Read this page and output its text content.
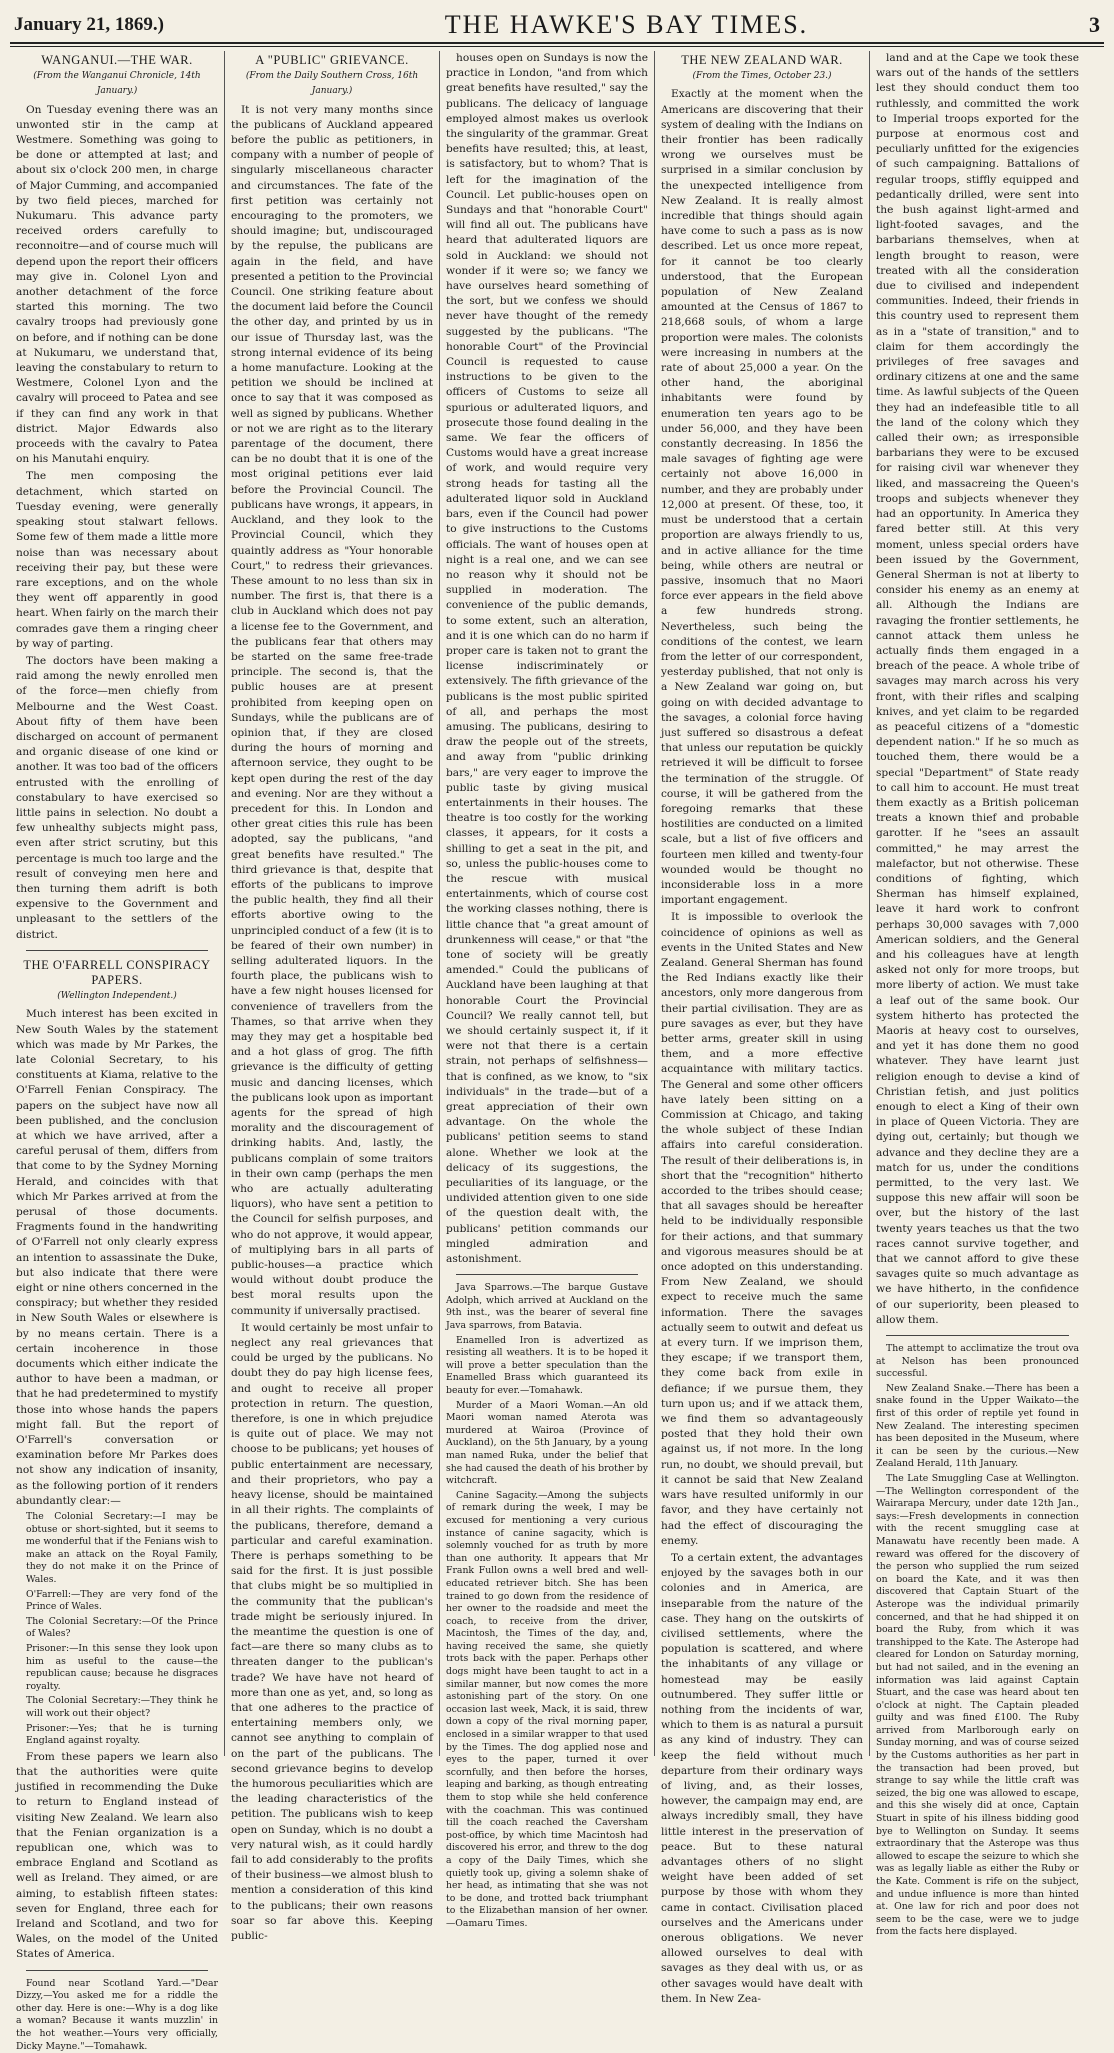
January 21, 1869.)	THE HAWKE'S BAY TIMES.	3
WANGANUI.—THE WAR.
(From the Wanganui Chronicle, 14th January.)

On Tuesday evening there was an unwonted stir in the camp at Westmere. Something was going to be done or attempted at last; and about six o'clock 200 men, in charge of Major Cumming, and accompanied by two field pieces, marched for Nukumaru. This advance party received orders carefully to reconnoitre—and of course much will depend upon the report their officers may give in. Colonel Lyon and another detachment of the force started this morning. The two cavalry troops had previously gone on before, and if nothing can be done at Nukumaru, we understand that, leaving the constabulary to return to Westmere, Colonel Lyon and the cavalry will proceed to Patea and see if they can find any work in that district. Major Edwards also proceeds with the cavalry to Patea on his Manutahi enquiry.

The men composing the detachment, which started on Tuesday evening, were generally speaking stout stalwart fellows. Some few of them made a little more noise than was necessary about receiving their pay, but these were rare exceptions, and on the whole they went off apparently in good heart. When fairly on the march their comrades gave them a ringing cheer by way of parting.

The doctors have been making a raid among the newly enrolled men of the force—men chiefly from Melbourne and the West Coast. About fifty of them have been discharged on account of permanent and organic disease of one kind or another. It was too bad of the officers entrusted with the enrolling of constabulary to have exercised so little pains in selection. No doubt a few unhealthy subjects might pass, even after strict scrutiny, but this percentage is much too large and the result of conveying men here and then turning them adrift is both expensive to the Government and unpleasant to the settlers of the district.

THE O'FARRELL CONSPIRACY PAPERS.
(Wellington Independent.)

Much interest has been excited in New South Wales by the statement which was made by Mr Parkes, the late Colonial Secretary, to his constituents at Kiama, relative to the O'Farrell Fenian Conspiracy. The papers on the subject have now all been published, and the conclusion at which we have arrived, after a careful perusal of them, differs from that come to by the Sydney Morning Herald, and coincides with that which Mr Parkes arrived at from the perusal of those documents. Fragments found in the handwriting of O'Farrell not only clearly express an intention to assassinate the Duke, but also indicate that there were eight or nine others concerned in the conspiracy; but whether they resided in New South Wales or elsewhere is by no means certain. There is a certain incoherence in those documents which either indicate the author to have been a madman, or that he had predetermined to mystify those into whose hands the papers might fall. But the report of O'Farrell's conversation or examination before Mr Parkes does not show any indication of insanity, as the following portion of it renders abundantly clear:—

The Colonial Secretary:—I may be obtuse or short-sighted, but it seems to me wonderful that if the Fenians wish to make an attack on the Royal Family, they do not make it on the Prince of Wales.

O'Farrell:—They are very fond of the Prince of Wales.

The Colonial Secretary:—Of the Prince of Wales?

Prisoner:—In this sense they look upon him as useful to the cause—the republican cause; because he disgraces royalty.

The Colonial Secretary:—They think he will work out their object?

Prisoner:—Yes; that he is turning England against royalty.

From these papers we learn also that the authorities were quite justified in recommending the Duke to return to England instead of visiting New Zealand. We learn also that the Fenian organization is a republican one, which was to embrace England and Scotland as well as Ireland. They aimed, or are aiming, to establish fifteen states: seven for England, three each for Ireland and Scotland, and two for Wales, on the model of the United States of America.

Found near Scotland Yard.—"Dear Dizzy,—You asked me for a riddle the other day. Here is one:—Why is a dog like a woman? Because it wants muzzlin' in the hot weather.—Yours very officially, Dicky Mayne."—Tomahawk.

A "PUBLIC" GRIEVANCE.
(From the Daily Southern Cross, 16th January.)

It is not very many months since the publicans of Auckland appeared before the public as petitioners, in company with a number of people of singularly miscellaneous character and circumstances. The fate of the first petition was certainly not encouraging to the promoters, we should imagine; but, undiscouraged by the repulse, the publicans are again in the field, and have presented a petition to the Provincial Council. One striking feature about the document laid before the Council the other day, and printed by us in our issue of Thursday last, was the strong internal evidence of its being a home manufacture. Looking at the petition we should be inclined at once to say that it was composed as well as signed by publicans. Whether or not we are right as to the literary parentage of the document, there can be no doubt that it is one of the most original petitions ever laid before the Provincial Council. The publicans have wrongs, it appears, in Auckland, and they look to the Provincial Council, which they quaintly address as "Your honorable Court," to redress their grievances. These amount to no less than six in number. The first is, that there is a club in Auckland which does not pay a license fee to the Government, and the publicans fear that others may be started on the same free-trade principle. The second is, that the public houses are at present prohibited from keeping open on Sundays, while the publicans are of opinion that, if they are closed during the hours of morning and afternoon service, they ought to be kept open during the rest of the day and evening. Nor are they without a precedent for this. In London and other great cities this rule has been adopted, say the publicans, "and great benefits have resulted." The third grievance is that, despite that efforts of the publicans to improve the public health, they find all their efforts abortive owing to the unprincipled conduct of a few (it is to be feared of their own number) in selling adulterated liquors. In the fourth place, the publicans wish to have a few night houses licensed for convenience of travellers from the Thames, so that arrive when they may they may get a hospitable bed and a hot glass of grog. The fifth grievance is the difficulty of getting music and dancing licenses, which the publicans look upon as important agents for the spread of high morality and the discouragement of drinking habits. And, lastly, the publicans complain of some traitors in their own camp (perhaps the men who are actually adulterating liquors), who have sent a petition to the Council for selfish purposes, and who do not approve, it would appear, of multiplying bars in all parts of public-houses—a practice which would without doubt produce the best moral results upon the community if universally practised.

It would certainly be most unfair to neglect any real grievances that could be urged by the publicans. No doubt they do pay high license fees, and ought to receive all proper protection in return. The question, therefore, is one in which prejudice is quite out of place. We may not choose to be publicans; yet houses of public entertainment are necessary, and their proprietors, who pay a heavy license, should be maintained in all their rights. The complaints of the publicans, therefore, demand a particular and careful examination. There is perhaps something to be said for the first. It is just possible that clubs might be so multiplied in the community that the publican's trade might be seriously injured. In the meantime the question is one of fact—are there so many clubs as to threaten danger to the publican's trade? We have have not heard of more than one as yet, and, so long as that one adheres to the practice of entertaining members only, we cannot see anything to complain of on the part of the publicans. The second grievance begins to develop the humorous peculiarities which are the leading characteristics of the petition. The publicans wish to keep open on Sunday, which is no doubt a very natural wish, as it could hardly fail to add considerably to the profits of their business—we almost blush to mention a consideration of this kind to the publicans; their own reasons soar so far above this. Keeping public-

houses open on Sundays is now the practice in London, "and from which great benefits have resulted," say the publicans. The delicacy of language employed almost makes us overlook the singularity of the grammar. Great benefits have resulted; this, at least, is satisfactory, but to whom? That is left for the imagination of the Council. Let public-houses open on Sundays and that "honorable Court" will find all out. The publicans have heard that adulterated liquors are sold in Auckland: we should not wonder if it were so; we fancy we have ourselves heard something of the sort, but we confess we should never have thought of the remedy suggested by the publicans. "The honorable Court" of the Provincial Council is requested to cause instructions to be given to the officers of Customs to seize all spurious or adulterated liquors, and prosecute those found dealing in the same. We fear the officers of Customs would have a great increase of work, and would require very strong heads for tasting all the adulterated liquor sold in Auckland bars, even if the Council had power to give instructions to the Customs officials. The want of houses open at night is a real one, and we can see no reason why it should not be supplied in moderation. The convenience of the public demands, to some extent, such an alteration, and it is one which can do no harm if proper care is taken not to grant the license indiscriminately or extensively. The fifth grievance of the publicans is the most public spirited of all, and perhaps the most amusing. The publicans, desiring to draw the people out of the streets, and away from "public drinking bars," are very eager to improve the public taste by giving musical entertainments in their houses. The theatre is too costly for the working classes, it appears, for it costs a shilling to get a seat in the pit, and so, unless the public-houses come to the rescue with musical entertainments, which of course cost the working classes nothing, there is little chance that "a great amount of drunkenness will cease," or that "the tone of society will be greatly amended." Could the publicans of Auckland have been laughing at that honorable Court the Provincial Council? We really cannot tell, but we should certainly suspect it, if it were not that there is a certain strain, not perhaps of selfishness—that is confined, as we know, to "six individuals" in the trade—but of a great appreciation of their own advantage. On the whole the publicans' petition seems to stand alone. Whether we look at the delicacy of its suggestions, the peculiarities of its language, or the undivided attention given to one side of the question dealt with, the publicans' petition commands our mingled admiration and astonishment.

Java Sparrows.—The barque Gustave Adolph, which arrived at Auckland on the 9th inst., was the bearer of several fine Java sparrows, from Batavia.

Enamelled Iron is advertized as resisting all weathers. It is to be hoped it will prove a better speculation than the Enamelled Brass which guaranteed its beauty for ever.—Tomahawk.

Murder of a Maori Woman.—An old Maori woman named Aterota was murdered at Wairoa (Province of Auckland), on the 5th January, by a young man named Ruka, under the belief that she had caused the death of his brother by witchcraft.

Canine Sagacity.—Among the subjects of remark during the week, I may be excused for mentioning a very curious instance of canine sagacity, which is solemnly vouched for as truth by more than one authority. It appears that Mr Frank Fullon owns a well bred and well-educated retriever bitch. She has been trained to go down from the residence of her owner to the roadside and meet the coach, to receive from the driver, Macintosh, the Times of the day, and, having received the same, she quietly trots back with the paper. Perhaps other dogs might have been taught to act in a similar manner, but now comes the more astonishing part of the story. On one occasion last week, Mack, it is said, threw down a copy of the rival morning paper, enclosed in a similar wrapper to that used by the Times. The dog applied nose and eyes to the paper, turned it over scornfully, and then before the horses, leaping and barking, as though entreating them to stop while she held conference with the coachman. This was continued till the coach reached the Caversham post-office, by which time Macintosh had discovered his error, and threw to the dog a copy of the Daily Times, which she quietly took up, giving a solemn shake of her head, as intimating that she was not to be done, and trotted back triumphant to the Elizabethan mansion of her owner.—Oamaru Times.

THE NEW ZEALAND WAR.
(From the Times, October 23.)

Exactly at the moment when the Americans are discovering that their system of dealing with the Indians on their frontier has been radically wrong we ourselves must be surprised in a similar conclusion by the unexpected intelligence from New Zealand. It is really almost incredible that things should again have come to such a pass as is now described. Let us once more repeat, for it cannot be too clearly understood, that the European population of New Zealand amounted at the Census of 1867 to 218,668 souls, of whom a large proportion were males. The colonists were increasing in numbers at the rate of about 25,000 a year. On the other hand, the aboriginal inhabitants were found by enumeration ten years ago to be under 56,000, and they have been constantly decreasing. In 1856 the male savages of fighting age were certainly not above 16,000 in number, and they are probably under 12,000 at present. Of these, too, it must be understood that a certain proportion are always friendly to us, and in active alliance for the time being, while others are neutral or passive, insomuch that no Maori force ever appears in the field above a few hundreds strong. Nevertheless, such being the conditions of the contest, we learn from the letter of our correspondent, yesterday published, that not only is a New Zealand war going on, but going on with decided advantage to the savages, a colonial force having just suffered so disastrous a defeat that unless our reputation be quickly retrieved it will be difficult to forsee the termination of the struggle. Of course, it will be gathered from the foregoing remarks that these hostilities are conducted on a limited scale, but a list of five officers and fourteen men killed and twenty-four wounded would be thought no inconsiderable loss in a more important engagement.

It is impossible to overlook the coincidence of opinions as well as events in the United States and New Zealand. General Sherman has found the Red Indians exactly like their ancestors, only more dangerous from their partial civilisation. They are as pure savages as ever, but they have better arms, greater skill in using them, and a more effective acquaintance with military tactics. The General and some other officers have lately been sitting on a Commission at Chicago, and taking the whole subject of these Indian affairs into careful consideration. The result of their deliberations is, in short that the "recognition" hitherto accorded to the tribes should cease; that all savages should be hereafter held to be individually responsible for their actions, and that summary and vigorous measures should be at once adopted on this understanding. From New Zealand, we should expect to receive much the same information. There the savages actually seem to outwit and defeat us at every turn. If we imprison them, they escape; if we transport them, they come back from exile in defiance; if we pursue them, they turn upon us; and if we attack them, we find them so advantageously posted that they hold their own against us, if not more. In the long run, no doubt, we should prevail, but it cannot be said that New Zealand wars have resulted uniformly in our favor, and they have certainly not had the effect of discouraging the enemy.

To a certain extent, the advantages enjoyed by the savages both in our colonies and in America, are inseparable from the nature of the case. They hang on the outskirts of civilised settlements, where the population is scattered, and where the inhabitants of any village or homestead may be easily outnumbered. They suffer little or nothing from the incidents of war, which to them is as natural a pursuit as any kind of industry. They can keep the field without much departure from their ordinary ways of living, and, as their losses, however, the campaign may end, are always incredibly small, they have little interest in the preservation of peace. But to these natural advantages others of no slight weight have been added of set purpose by those with whom they came in contact. Civilisation placed ourselves and the Americans under onerous obligations. We never allowed ourselves to deal with savages as they deal with us, or as other savages would have dealt with them. In New Zea-

land and at the Cape we took these wars out of the hands of the settlers lest they should conduct them too ruthlessly, and committed the work to Imperial troops exported for the purpose at enormous cost and peculiarly unfitted for the exigencies of such campaigning. Battalions of regular troops, stiffly equipped and pedantically drilled, were sent into the bush against light-armed and light-footed savages, and the barbarians themselves, when at length brought to reason, were treated with all the consideration due to civilised and independent communities. Indeed, their friends in this country used to represent them as in a "state of transition," and to claim for them accordingly the privileges of free savages and ordinary citizens at one and the same time. As lawful subjects of the Queen they had an indefeasible title to all the land of the colony which they called their own; as irresponsible barbarians they were to be excused for raising civil war whenever they liked, and massacreing the Queen's troops and subjects whenever they had an opportunity. In America they fared better still. At this very moment, unless special orders have been issued by the Government, General Sherman is not at liberty to consider his enemy as an enemy at all. Although the Indians are ravaging the frontier settlements, he cannot attack them unless he actually finds them engaged in a breach of the peace. A whole tribe of savages may march across his very front, with their rifles and scalping knives, and yet claim to be regarded as peaceful citizens of a "domestic dependent nation." If he so much as touched them, there would be a special "Department" of State ready to call him to account. He must treat them exactly as a British policeman treats a known thief and probable garotter. If he "sees an assault committed," he may arrest the malefactor, but not otherwise. These conditions of fighting, which Sherman has himself explained, leave it hard work to confront perhaps 30,000 savages with 7,000 American soldiers, and the General and his colleagues have at length asked not only for more troops, but more liberty of action. We must take a leaf out of the same book. Our system hitherto has protected the Maoris at heavy cost to ourselves, and yet it has done them no good whatever. They have learnt just religion enough to devise a kind of Christian fetish, and just politics enough to elect a King of their own in place of Queen Victoria. They are dying out, certainly; but though we advance and they decline they are a match for us, under the conditions permitted, to the very last. We suppose this new affair will soon be over, but the history of the last twenty years teaches us that the two races cannot survive together, and that we cannot afford to give these savages quite so much advantage as we have hitherto, in the confidence of our superiority, been pleased to allow them.

The attempt to acclimatize the trout ova at Nelson has been pronounced successful.

New Zealand Snake.—There has been a snake found in the Upper Waikato—the first of this order of reptile yet found in New Zealand. The interesting specimen has been deposited in the Museum, where it can be seen by the curious.—New Zealand Herald, 11th January.

The Late Smuggling Case at Wellington.—The Wellington correspondent of the Wairarapa Mercury, under date 12th Jan., says:—Fresh developments in connection with the recent smuggling case at Manawatu have recently been made. A reward was offered for the discovery of the person who supplied the rum seized on board the Kate, and it was then discovered that Captain Stuart of the Asterope was the individual primarily concerned, and that he had shipped it on board the Ruby, from which it was transhipped to the Kate. The Asterope had cleared for London on Saturday morning, but had not sailed, and in the evening an information was laid against Captain Stuart, and the case was heard about ten o'clock at night. The Captain pleaded guilty and was fined £100. The Ruby arrived from Marlborough early on Sunday morning, and was of course seized by the Customs authorities as her part in the transaction had been proved, but strange to say while the little craft was seized, the big one was allowed to escape, and this she wisely did at once, Captain Stuart in spite of his illness bidding good bye to Wellington on Sunday. It seems extraordinary that the Asterope was thus allowed to escape the seizure to which she was as legally liable as either the Ruby or the Kate. Comment is rife on the subject, and undue influence is more than hinted at. One law for rich and poor does not seem to be the case, were we to judge from the facts here displayed.
